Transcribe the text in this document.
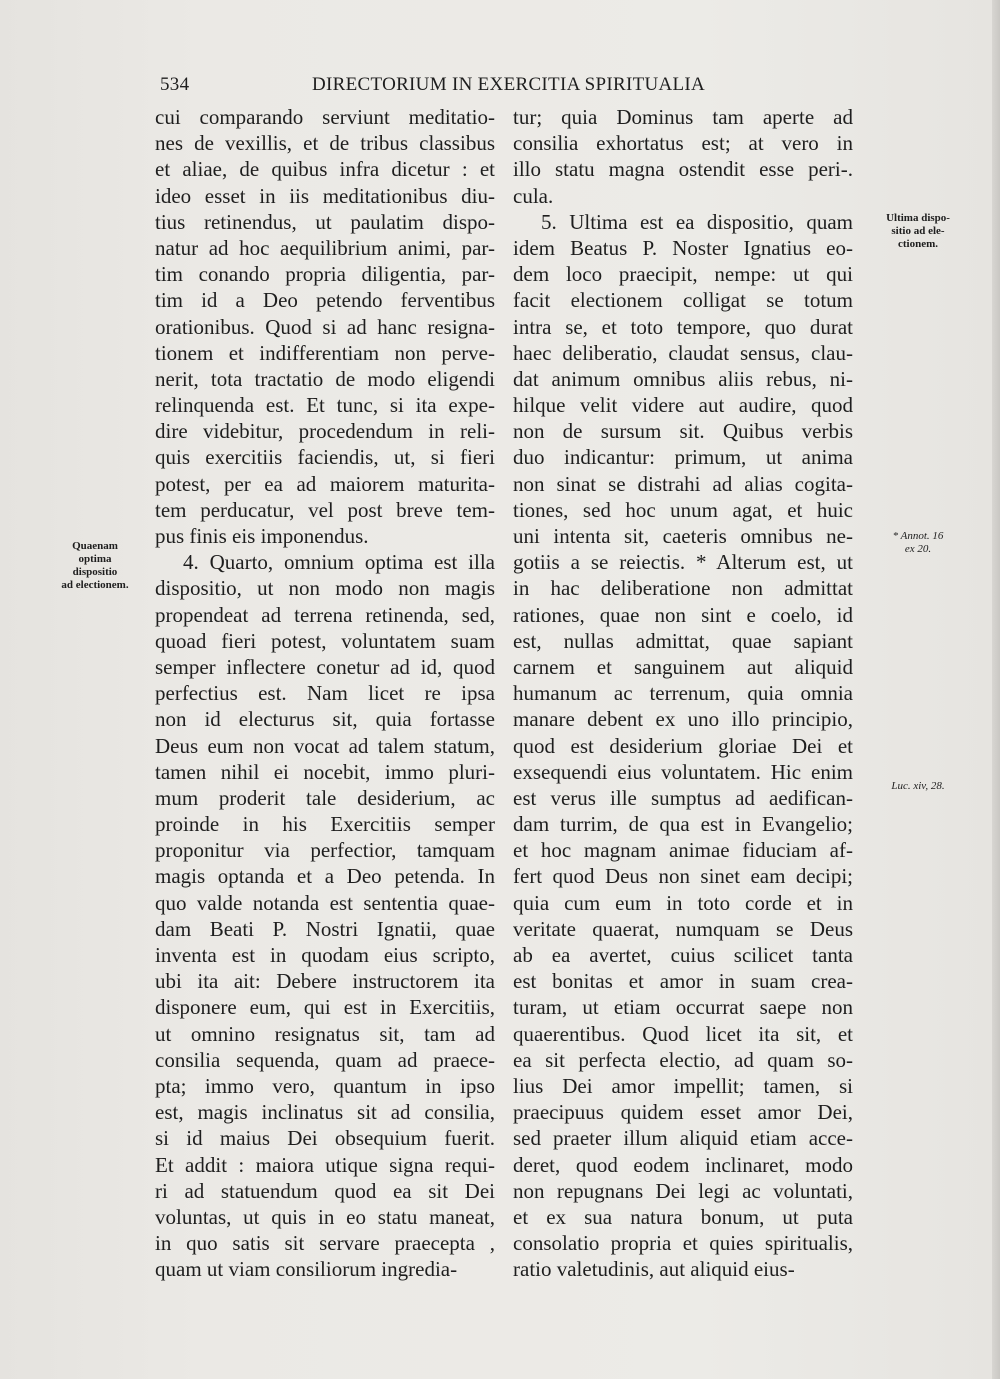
534	DIRECTORIUM IN EXERCITIA SPIRITUALIA
Quaenam
optima
dispositio
ad electionem.
Ultima dispo-
sitio ad ele-
ctionem.
* Annot. 16
ex 20.
Luc. xiv, 28.
cui comparando serviunt meditatio-
nes de vexillis, et de tribus classibus
et aliae, de quibus infra dicetur : et
ideo esset in iis meditationibus diu-
tius retinendus, ut paulatim dispo-
natur ad hoc aequilibrium animi, par-
tim conando propria diligentia, par-
tim id a Deo petendo ferventibus
orationibus. Quod si ad hanc resigna-
tionem et indifferentiam non perve-
nerit, tota tractatio de modo eligendi
relinquenda est. Et tunc, si ita expe-
dire videbitur, procedendum in reli-
quis exercitiis faciendis, ut, si fieri
potest, per ea ad maiorem maturita-
tem perducatur, vel post breve tem-
pus finis eis imponendus.
4. Quarto, omnium optima est illa
dispositio, ut non modo non magis
propendeat ad terrena retinenda, sed,
quoad fieri potest, voluntatem suam
semper inflectere conetur ad id, quod
perfectius est. Nam licet re ipsa
non id electurus sit, quia fortasse
Deus eum non vocat ad talem statum,
tamen nihil ei nocebit, immo pluri-
mum proderit tale desiderium, ac
proinde in his Exercitiis semper
proponitur via perfectior, tamquam
magis optanda et a Deo petenda. In
quo valde notanda est sententia quae-
dam Beati P. Nostri Ignatii, quae
inventa est in quodam eius scripto,
ubi ita ait: Debere instructorem ita
disponere eum, qui est in Exercitiis,
ut omnino resignatus sit, tam ad
consilia sequenda, quam ad praece-
pta; immo vero, quantum in ipso
est, magis inclinatus sit ad consilia,
si id maius Dei obsequium fuerit.
Et addit : maiora utique signa requi-
ri ad statuendum quod ea sit Dei
voluntas, ut quis in eo statu maneat,
in quo satis sit servare praecepta ,
quam ut viam consiliorum ingredia-
tur; quia Dominus tam aperte ad
consilia exhortatus est; at vero in
illo statu magna ostendit esse peri-.
cula.
5. Ultima est ea dispositio, quam
idem Beatus P. Noster Ignatius eo-
dem loco praecipit, nempe: ut qui
facit electionem colligat se totum
intra se, et toto tempore, quo durat
haec deliberatio, claudat sensus, clau-
dat animum omnibus aliis rebus, ni-
hilque velit videre aut audire, quod
non de sursum sit. Quibus verbis
duo indicantur: primum, ut anima
non sinat se distrahi ad alias cogita-
tiones, sed hoc unum agat, et huic
uni intenta sit, caeteris omnibus ne-
gotiis a se reiectis. * Alterum est, ut
in hac deliberatione non admittat
rationes, quae non sint e coelo, id
est, nullas admittat, quae sapiant
carnem et sanguinem aut aliquid
humanum ac terrenum, quia omnia
manare debent ex uno illo principio,
quod est desiderium gloriae Dei et
exsequendi eius voluntatem. Hic enim
est verus ille sumptus ad aedifican-
dam turrim, de qua est in Evangelio;
et hoc magnam animae fiduciam af-
fert quod Deus non sinet eam decipi;
quia cum eum in toto corde et in
veritate quaerat, numquam se Deus
ab ea avertet, cuius scilicet tanta
est bonitas et amor in suam crea-
turam, ut etiam occurrat saepe non
quaerentibus. Quod licet ita sit, et
ea sit perfecta electio, ad quam so-
lius Dei amor impellit; tamen, si
praecipuus quidem esset amor Dei,
sed praeter illum aliquid etiam acce-
deret, quod eodem inclinaret, modo
non repugnans Dei legi ac voluntati,
et ex sua natura bonum, ut puta
consolatio propria et quies spiritualis,
ratio valetudinis, aut aliquid eius-
